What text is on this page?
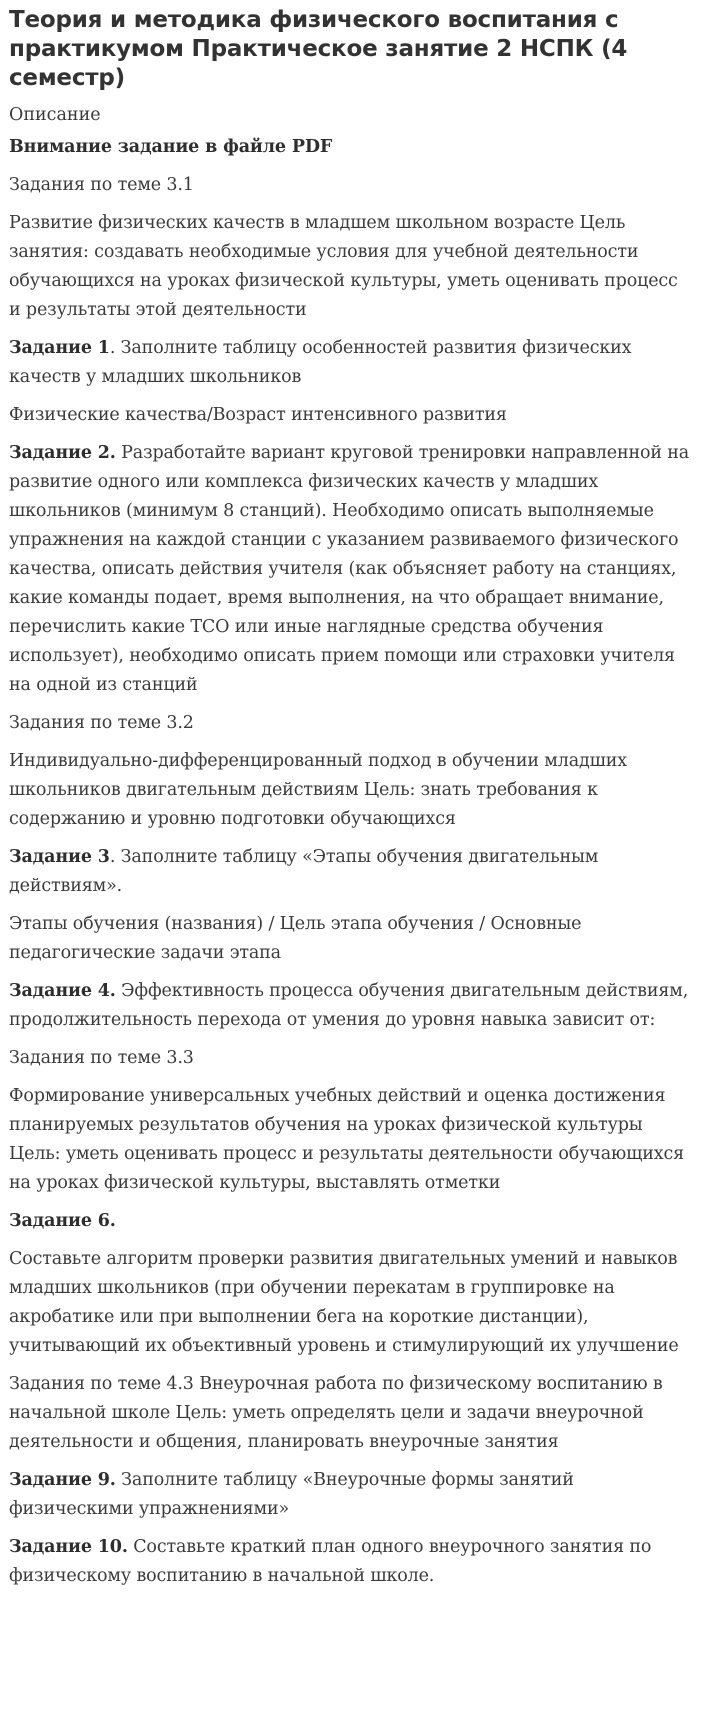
Теория и методика физического воспитания с практикумом Практическое занятие 2 НСПК (4 семестр)
Описание

Внимание задание в файле PDF

Задания по теме 3.1

Развитие физических качеств в младшем школьном возрасте Цель занятия: создавать необходимые условия для учебной деятельности обучающихся на уроках физической культуры, уметь оценивать процесс и результаты этой деятельности

Задание 1. Заполните таблицу особенностей развития физических качеств у младших школьников

Физические качества/Возраст интенсивного развития

Задание 2. Разработайте вариант круговой тренировки направленной на развитие одного или комплекса физических качеств у младших школьников (минимум 8 станций). Необходимо описать выполняемые упражнения на каждой станции с указанием развиваемого физического качества, описать действия учителя (как объясняет работу на станциях, какие команды подает, время выполнения, на что обращает внимание, перечислить какие ТСО или иные наглядные средства обучения использует), необходимо описать прием помощи или страховки учителя на одной из станций

Задания по теме 3.2

Индивидуально-дифференцированный подход в обучении младших школьников двигательным действиям Цель: знать требования к содержанию и уровню подготовки обучающихся

Задание 3. Заполните таблицу «Этапы обучения двигательным действиям».

Этапы обучения (названия) / Цель этапа обучения / Основные педагогические задачи этапа

Задание 4. Эффективность процесса обучения двигательным действиям, продолжительность перехода от умения до уровня навыка зависит от:

Задания по теме 3.3

Формирование универсальных учебных действий и оценка достижения планируемых результатов обучения на уроках физической культуры Цель: уметь оценивать процесс и результаты деятельности обучающихся на уроках физической культуры, выставлять отметки

Задание 6.

Составьте алгоритм проверки развития двигательных умений и навыков младших школьников (при обучении перекатам в группировке на акробатике или при выполнении бега на короткие дистанции), учитывающий их объективный уровень и стимулирующий их улучшение

Задания по теме 4.3 Внеурочная работа по физическому воспитанию в начальной школе Цель: уметь определять цели и задачи внеурочной деятельности и общения, планировать внеурочные занятия

Задание 9. Заполните таблицу «Внеурочные формы занятий физическими упражнениями»

Задание 10. Составьте краткий план одного внеурочного занятия по физическому воспитанию в начальной школе.
